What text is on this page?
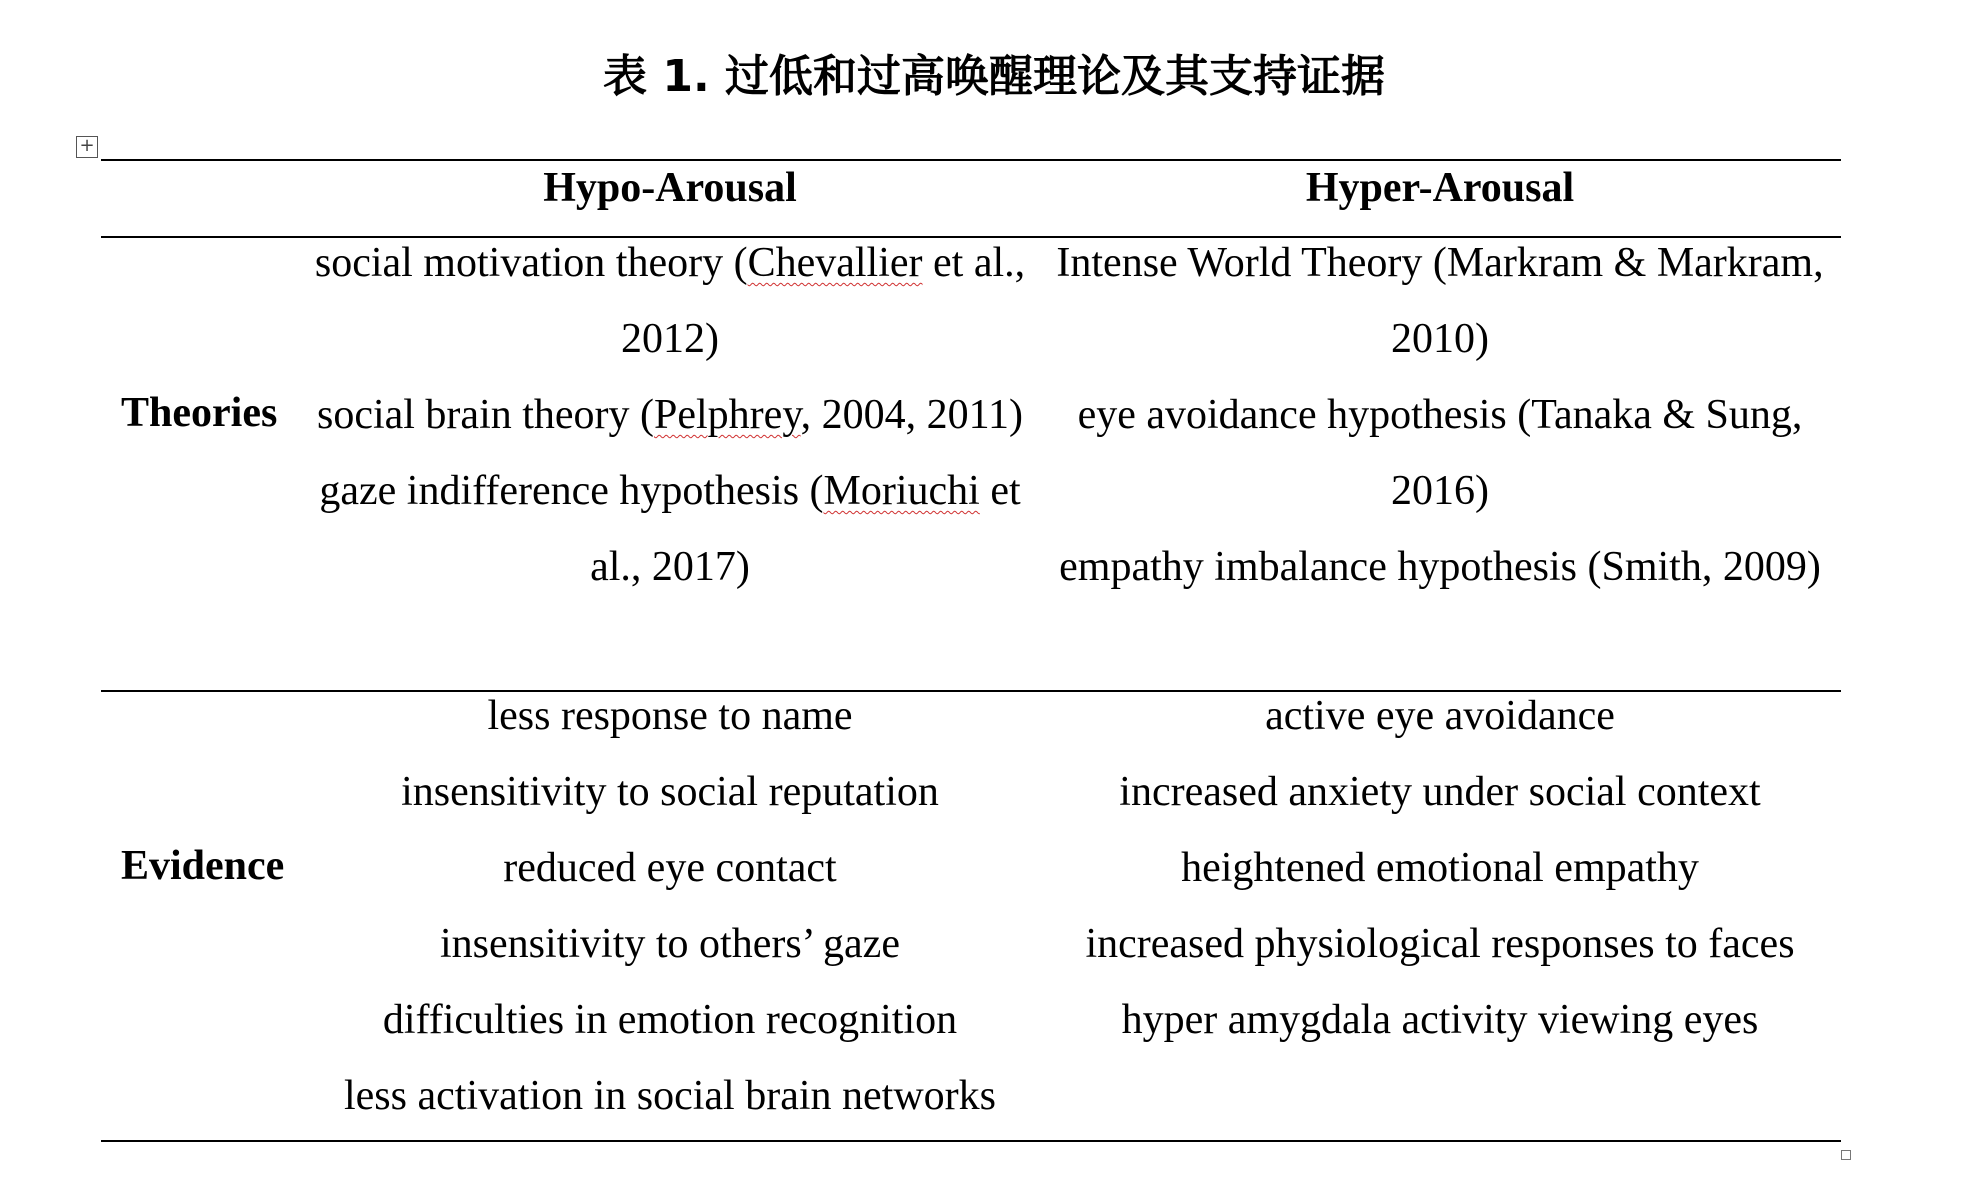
表 1. 过低和过高唤醒理论及其支持证据
+
Hypo-Arousal	Hyper-Arousal
Theories
Evidence
social motivation theory (Chevallier et al., 2012)
social brain theory (Pelphrey, 2004, 2011)
gaze indifference hypothesis (Moriuchi et al., 2017)
Intense World Theory (Markram & Markram, 2010)
eye avoidance hypothesis (Tanaka & Sung, 2016)
empathy imbalance hypothesis (Smith, 2009)
less response to name
insensitivity to social reputation
reduced eye contact
insensitivity to others’ gaze
difficulties in emotion recognition
less activation in social brain networks
active eye avoidance
increased anxiety under social context
heightened emotional empathy
increased physiological responses to faces
hyper amygdala activity viewing eyes
